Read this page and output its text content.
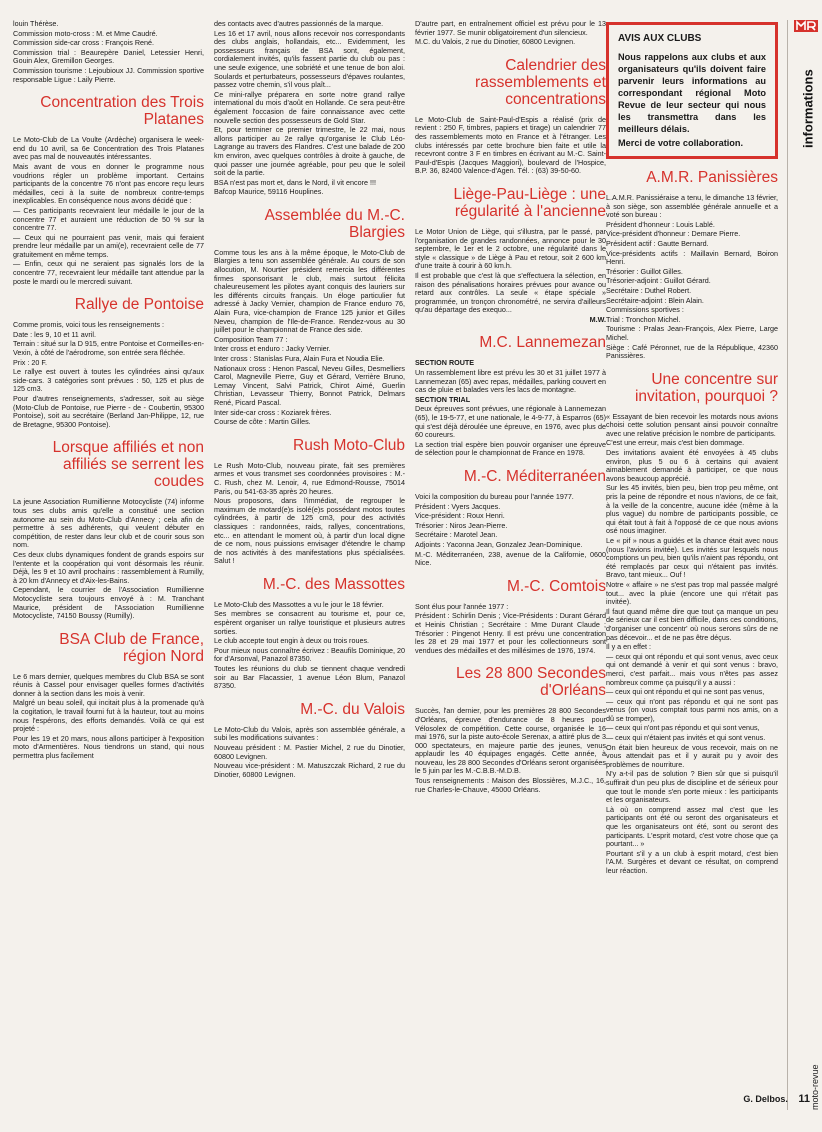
louin Thérèse.

Commission moto-cross : M. et Mme Caudré.

Commission side-car cross : François René.

Commission trial : Beaurepère Daniel, Letessier Henri, Gouin Alex, Gremillon Georges.

Commission tourisme : Lejoubioux JJ. Commission sportive responsable Ligue : Laily Pierre.

Concentration des Trois Platanes

Le Moto-Club de La Voulte (Ardèche) organisera le week-end du 10 avril, sa 6e Concentration des Trois Platanes avec pas mal de nouveautés intéressantes.

Mais avant de vous en donner le programme nous voudrions régler un problème important. Certains participants de la concentre 76 n'ont pas encore reçu leurs médailles, ceci à la suite de nombreux contre-temps inexplicables. En conséquence nous avons décidé que :

— Ces participants recevraient leur médaille le jour de la concentre 77 et auraient une réduction de 50 % sur la concentre 77.

— Ceux qui ne pourraient pas venir, mais qui feraient prendre leur médaille par un ami(e), recevraient celle de 77 gratuitement en même temps.

— Enfin, ceux qui ne seraient pas signalés lors de la concentre 77, recevraient leur médaille tant attendue par la poste le mardi ou le mercredi suivant.

Rallye de Pontoise

Comme promis, voici tous les renseignements :

Date : les 9, 10 et 11 avril.

Terrain : situé sur la D 915, entre Pontoise et Cormeilles-en-Vexin, à côté de l'aérodrome, son entrée sera fléchée.

Prix : 20 F.

Le rallye est ouvert à toutes les cylindrées ainsi qu'aux side-cars. 3 catégories sont prévues : 50, 125 et plus de 125 cm3.

Pour d'autres renseignements, s'adresser, soit au siège (Moto-Club de Pontoise, rue Pierre - de - Coubertin, 95300 Pontoise), soit au secrétaire (Berland Jan-Philippe, 12, rue de Bretagne, 95300 Pontoise).

Lorsque affiliés et non affiliés se serrent les coudes

La jeune Association Rumillienne Motocycliste (74) informe tous ses clubs amis qu'elle a constitué une section autonome au sein du Moto-Club d'Annecy ; cela afin de permettre à ses adhérents, qui veulent débuter en compétition, de rester dans leur club et de courir sous son nom.

Ces deux clubs dynamiques fondent de grands espoirs sur l'entente et la coopération qui vont désormais les réunir. Déjà, les 9 et 10 avril prochains : rassemblement à Rumilly, à 20 km d'Annecy et d'Aix-les-Bains.

Cependant, le courrier de l'Association Rumillienne Motocycliste sera toujours envoyé à : M. Tranchant Maurice, président de l'Association Rumillienne Motocycliste, 74150 Boussy (Rumilly).

BSA Club de France, région Nord

Le 6 mars dernier, quelques membres du Club BSA se sont réunis à Cassel pour envisager quelles formes d'activités donner à la section dans les mois à venir.

Malgré un beau soleil, qui incitait plus à la promenade qu'à la cogitation, le travail fourni fut à la hauteur, tout au moins nous l'espérons, des efforts demandés. Voilà ce qui est projeté :

Pour les 19 et 20 mars, nous allons participer à l'exposition moto d'Armentières. Nous tiendrons un stand, qui nous permettra plus facilement

des contacts avec d'autres passionnés de la marque.

Les 16 et 17 avril, nous allons recevoir nos correspondants des clubs anglais, hollandais, etc... Evidemment, les possesseurs français de BSA sont, également, cordialement invités, qu'ils fassent partie du club ou pas : une seule exigence, une sobriété et une tenue de bon aloi. Soulards et perturbateurs, possesseurs d'épaves roulantes, passez votre chemin, s'il vous plaît...

Ce mini-rallye préparera en sorte notre grand rallye international du mois d'août en Hollande. Ce sera peut-être également l'occasion de faire connaissance avec cette nouvelle section des possesseurs de Gold Star.

Et, pour terminer ce premier trimestre, le 22 mai, nous allons participer au 2e rallye qu'organise le Club Léo-Lagrange au travers des Flandres. C'est une balade de 200 km environ, avec quelques contrôles à droite à gauche, de quoi passer une journée agréable, pour peu que le soleil soit de la partie.

BSA n'est pas mort et, dans le Nord, il vit encore !!!

Bafcop Maurice, 59116 Houplines.

Assemblée du M.-C. Blargies

Comme tous les ans à la même époque, le Moto-Club de Blargies a tenu son assemblée générale. Au cours de son allocution, M. Nourtier président remercia les différentes firmes sponsorisant le club, mais surtout félicita chaleureusement les pilotes ayant conquis des lauriers sur les différents circuits français. Un éloge particulier fut adressé à Jacky Vernier, champion de France enduro 76, Alain Fura, vice-champion de France 125 junior et Gilles Neveu, champion de l'Ile-de-France. Rendez-vous au 30 juillet pour le championnat de France des side.

Composition Team 77 :

Inter cross et enduro : Jacky Vernier.

Inter cross : Stanislas Fura, Alain Fura et Noudia Elie.

Nationaux cross : Henon Pascal, Neveu Gilles, Desmelliers Carol, Magneville Pierre, Guy et Gérard, Verrière Bruno, Lemay Vincent, Salvi Patrick, Chirot Aimé, Guerlin Christian, Levasseur Thierry, Bonnot Patrick, Delmars René, Picard Pascal.

Inter side-car cross : Koziarek frères.

Course de côte : Martin Gilles.

Rush Moto-Club

Le Rush Moto-Club, nouveau pirate, fait ses premières armes et vous transmet ses coordonnées provisoires : M.-C. Rush, chez M. Lenoir, 4, rue Edmond-Rousse, 75014 Paris, ou 541-63-35 après 20 heures.

Nous proposons, dans l'immédiat, de regrouper le maximum de motard(e)s isolé(e)s possédant motos toutes cylindrées, à partir de 125 cm3, pour des activités classiques : randonnées, raids, rallyes, concentrations, etc... en attendant le moment où, à partir d'un local digne de ce nom, nous puissions envisager d'étendre le champ de nos activités à des manifestations plus spécialisées. Salut !

M.-C. des Massottes

Le Moto-Club des Massottes a vu le jour le 18 février.

Ses membres se consacrent au tourisme et, pour ce, espèrent organiser un rallye touristique et plusieurs autres sorties.

Le club accepte tout engin à deux ou trois roues.

Pour mieux nous connaître écrivez : Beaufils Dominique, 20 for d'Arsonval, Panazol 87350.

Toutes les réunions du club se tiennent chaque vendredi soir au Bar Flacassier, 1 avenue Léon Blum, Panazol 87350.

M.-C. du Valois

Le Moto-Club du Valois, après son assemblée générale, a subi les modifications suivantes :

Nouveau président : M. Pastier Michel, 2 rue du Dinotier, 60800 Levignen.

Nouveau vice-président : M. Matuszczak Richard, 2 rue du Dinotier, 60800 Levignen.

D'autre part, en entraînement officiel est prévu pour le 13 février 1977. Se munir obligatoirement d'un silencieux.

M.C. du Valois, 2 rue du Dinotier, 60800 Levignen.

Calendrier des rassemblements et concentrations

Le Moto-Club de Saint-Paul-d'Espis a réalisé (prix de revient : 250 F, timbres, papiers et tirage) un calendrier 77 des rassemblements moto en France et à l'étranger. Les clubs intéressés par cette brochure bien faite et utile la recevront contre 3 F en timbres en écrivant au M.-C. Saint-Paul-d'Espis (Jacques Maggiori), boulevard de l'Hospice, B.P. 36, 82400 Valence-d'Agen. Tél. : (63) 39-50-60.

Liège-Pau-Liège : une régularité à l'ancienne

Le Motor Union de Liège, qui s'illustra, par le passé, par l'organisation de grandes randonnées, annonce pour le 30 septembre, le 1er et le 2 octobre, une régularité dans le style « classique » de Liège à Pau et retour, soit 2 600 km d'une traite à courir à 60 km.h.

Il est probable que c'est là que s'effectuera la sélection, en raison des pénalisations horaires prévues pour avance ou retard aux contrôles. La seule « étape spéciale » programmée, un tronçon chronométré, ne servira d'ailleurs qu'au départage des exequo...

M.W.

M.C. Lannemezan

SECTION ROUTE

Un rassemblement libre est prévu les 30 et 31 juillet 1977 à Lannemezan (65) avec repas, médailles, parking couvert en cas de pluie et balades vers les lacs de montagne.

SECTION TRIAL

Deux épreuves sont prévues, une régionale à Lannemezan (65), le 19-5-77, et une nationale, le 4-9-77, à Esparros (65) qui s'est déjà déroulée une épreuve, en 1976, avec plus de 60 coureurs.

La section trial espère bien pouvoir organiser une épreuve de sélection pour le championnat de France en 1978.

M.-C. Méditerranéen

Voici la composition du bureau pour l'année 1977.

Président : Vyers Jacques.

Vice-président : Roux Henri.

Trésorier : Niros Jean-Pierre.

Secrétaire : Marotel Jean.

Adjoints : Yaconna Jean, Gonzalez Jean-Dominique.

M.-C. Méditerranéen, 238, avenue de la Californie, 0600 Nice.

M.-C. Comtois

Sont élus pour l'année 1977 :

Président : Schirlin Denis ; Vice-Présidents : Durant Gérard et Heinis Christian ; Secrétaire : Mme Durant Claude ; Trésorier : Pingenot Henry. Il est prévu une concentration les 28 et 29 mai 1977 et pour les collectionneurs sont vendues des médailles et des millésimes de 1976, 1974.

Les 28 800 Secondes d'Orléans

Succès, l'an dernier, pour les premières 28 800 Secondes d'Orléans, épreuve d'endurance de 8 heures pour Vélosolex de compétition. Cette course, organisée le 16 mai 1976, sur la piste auto-école Serenax, a attiré plus de 3 000 spectateurs, en majeure partie des jeunes, venus applaudir les 40 équipages engagés. Cette année, à nouveau, les 28 800 Secondes d'Orléans seront organisées le 5 juin par les M.-C.B.B.-M.D.B.

Tous renseignements : Maison des Blossières, M.J.C., 16, rue Charles-le-Chauve, 45000 Orléans.

AVIS AUX CLUBS
Nous rappelons aux clubs et aux organisateurs qu'ils doivent faire parvenir leurs informations au correspondant régional Moto Revue de leur secteur qui nous les transmettra dans les meilleurs délais.
Merci de votre collaboration.
A.M.R. Panissières

L.A.M.R. Panissiéraise a tenu, le dimanche 13 février, à son siège, son assemblée générale annuelle et a voté son bureau :

Président d'honneur : Louis Lablé.

Vice-président d'honneur : Demare Pierre.

Président actif : Gautte Bernard.

Vice-présidents actifs : Maillavin Bernard, Boiron Henri.

Trésorier : Guillot Gilles.

Trésorier-adjoint : Guillot Gérard.

Secrétaire : Duthel Robert.

Secrétaire-adjoint : Blein Alain.

Commissions sportives :

Trial : Tronchon Michel.

Tourisme : Pralas Jean-François, Alex Pierre, Large Michel.

Siège : Café Péronnet, rue de la République, 42360 Panissières.

Une concentre sur invitation, pourquoi ?

« Essayant de bien recevoir les motards nous avions choisi cette solution pensant ainsi pouvoir connaître avec une relative précision le nombre de participants.

C'est une erreur, mais c'est bien dommage.

Des invitations avaient été envoyées à 45 clubs environ, plus 5 ou 6 à certains qui avaient aimablement demandé à participer, ce que nous avons beaucoup apprécié.

Sur les 45 invités, bien peu, bien trop peu même, ont pris la peine de répondre et nous n'avions, de ce fait, à la veille de la concentre, aucune idée (même à la plus vague) du nombre de participants possible, ce qui était tout à fait à l'opposé de ce que nous avions osé nous imaginer.

Le « pif » nous a guidés et la chance était avec nous (nous l'avions invitée). Les invités sur lesquels nous comptions un peu, bien qu'ils n'aient pas répondu, ont été remplacés par ceux qui n'étaient pas invités. Bravo, tant mieux... Ouf !

Notre « affaire » ne s'est pas trop mal passée malgré tout... avec la pluie (encore une qui n'était pas invitée).

Il faut quand même dire que tout ça manque un peu de sérieux car il est bien difficile, dans ces conditions, d'organiser une concentr' où nous serons sûrs de ne pas décevoir... et de ne pas être déçus.

Il y a en effet :

— ceux qui ont répondu et qui sont venus, avec ceux qui ont demandé à venir et qui sont venus : bravo, merci, c'est parfait... mais vous n'êtes pas assez nombreux comme ça puisqu'il y a aussi :

— ceux qui ont répondu et qui ne sont pas venus,

— ceux qui n'ont pas répondu et qui ne sont pas venus (on vous comptait tous parmi nos amis, on a dû se tromper),

— ceux qui n'ont pas répondu et qui sont venus,

— ceux qui n'étaient pas invités et qui sont venus.

On était bien heureux de vous recevoir, mais on ne vous attendait pas et il y aurait pu y avoir des problèmes de nourriture.

N'y a-t-il pas de solution ? Bien sûr que si puisqu'il suffirait d'un peu plus de discipline et de sérieux pour que tout le monde s'en porte mieux : les participants et les organisateurs.

Là où on comprend assez mal c'est que les participants ont été ou seront des organisateurs et que les organisateurs ont été, sont ou seront des participants. L'esprit motard, c'est votre chose que ça pourtant... »

Pourtant s'il y a un club à esprit motard, c'est bien l'A.M. Surgères et devant ce résultat, on comprend leur réaction.

informations
moto-revue
G. Delbos. 11
